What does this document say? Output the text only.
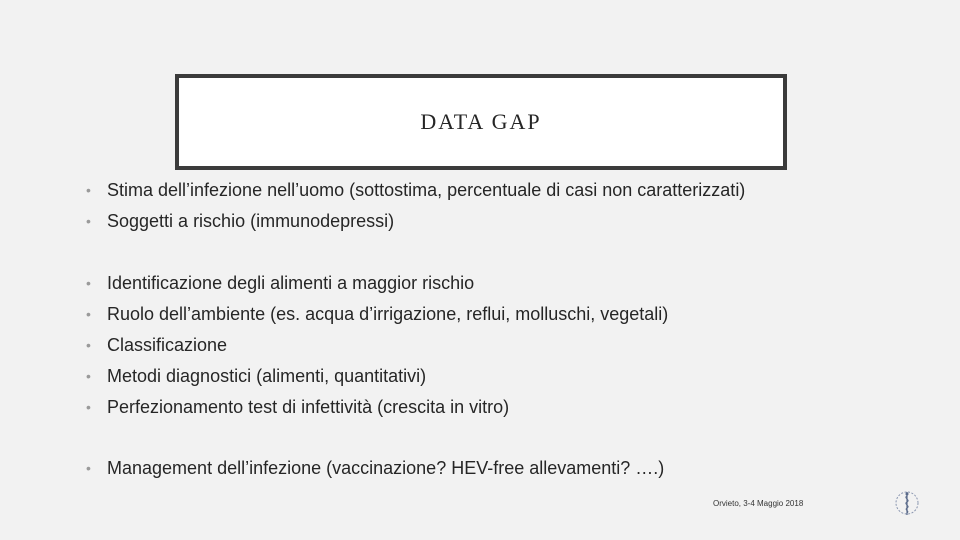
DATA GAP
• Stima dell’infezione nell’uomo (sottostima, percentuale di casi non caratterizzati)
• Soggetti a rischio (immunodepressi)
• Identificazione degli alimenti a maggior rischio
• Ruolo dell’ambiente (es. acqua d’irrigazione, reflui, molluschi, vegetali)
• Classificazione
• Metodi diagnostici (alimenti, quantitativi)
• Perfezionamento test di infettività (crescita in vitro)
• Management dell’infezione (vaccinazione? HEV-free allevamenti? ….)
Orvieto, 3-4 Maggio 2018
